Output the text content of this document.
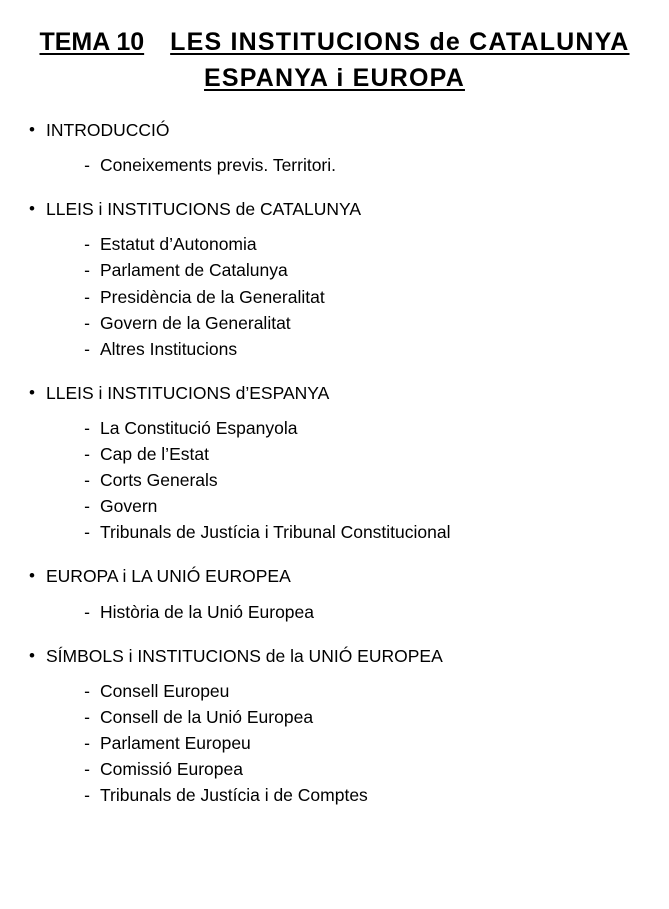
TEMA 10 LES INSTITUCIONS de CATALUNYA
ESPANYA i EUROPA
• INTRODUCCIÓ
- Coneixements previs. Territori.
• LLEIS i INSTITUCIONS de CATALUNYA
- Estatut d’Autonomia
- Parlament de Catalunya
- Presidència de la Generalitat
- Govern de la Generalitat
- Altres Institucions
• LLEIS i INSTITUCIONS d’ESPANYA
- La Constitució Espanyola
- Cap de l’Estat
- Corts Generals
- Govern
- Tribunals de Justícia i Tribunal Constitucional
• EUROPA i LA UNIÓ EUROPEA
- Història de la Unió Europea
• SÍMBOLS i INSTITUCIONS de la UNIÓ EUROPEA
- Consell Europeu
- Consell de la Unió Europea
- Parlament Europeu
- Comissió Europea
- Tribunals de Justícia i de Comptes
